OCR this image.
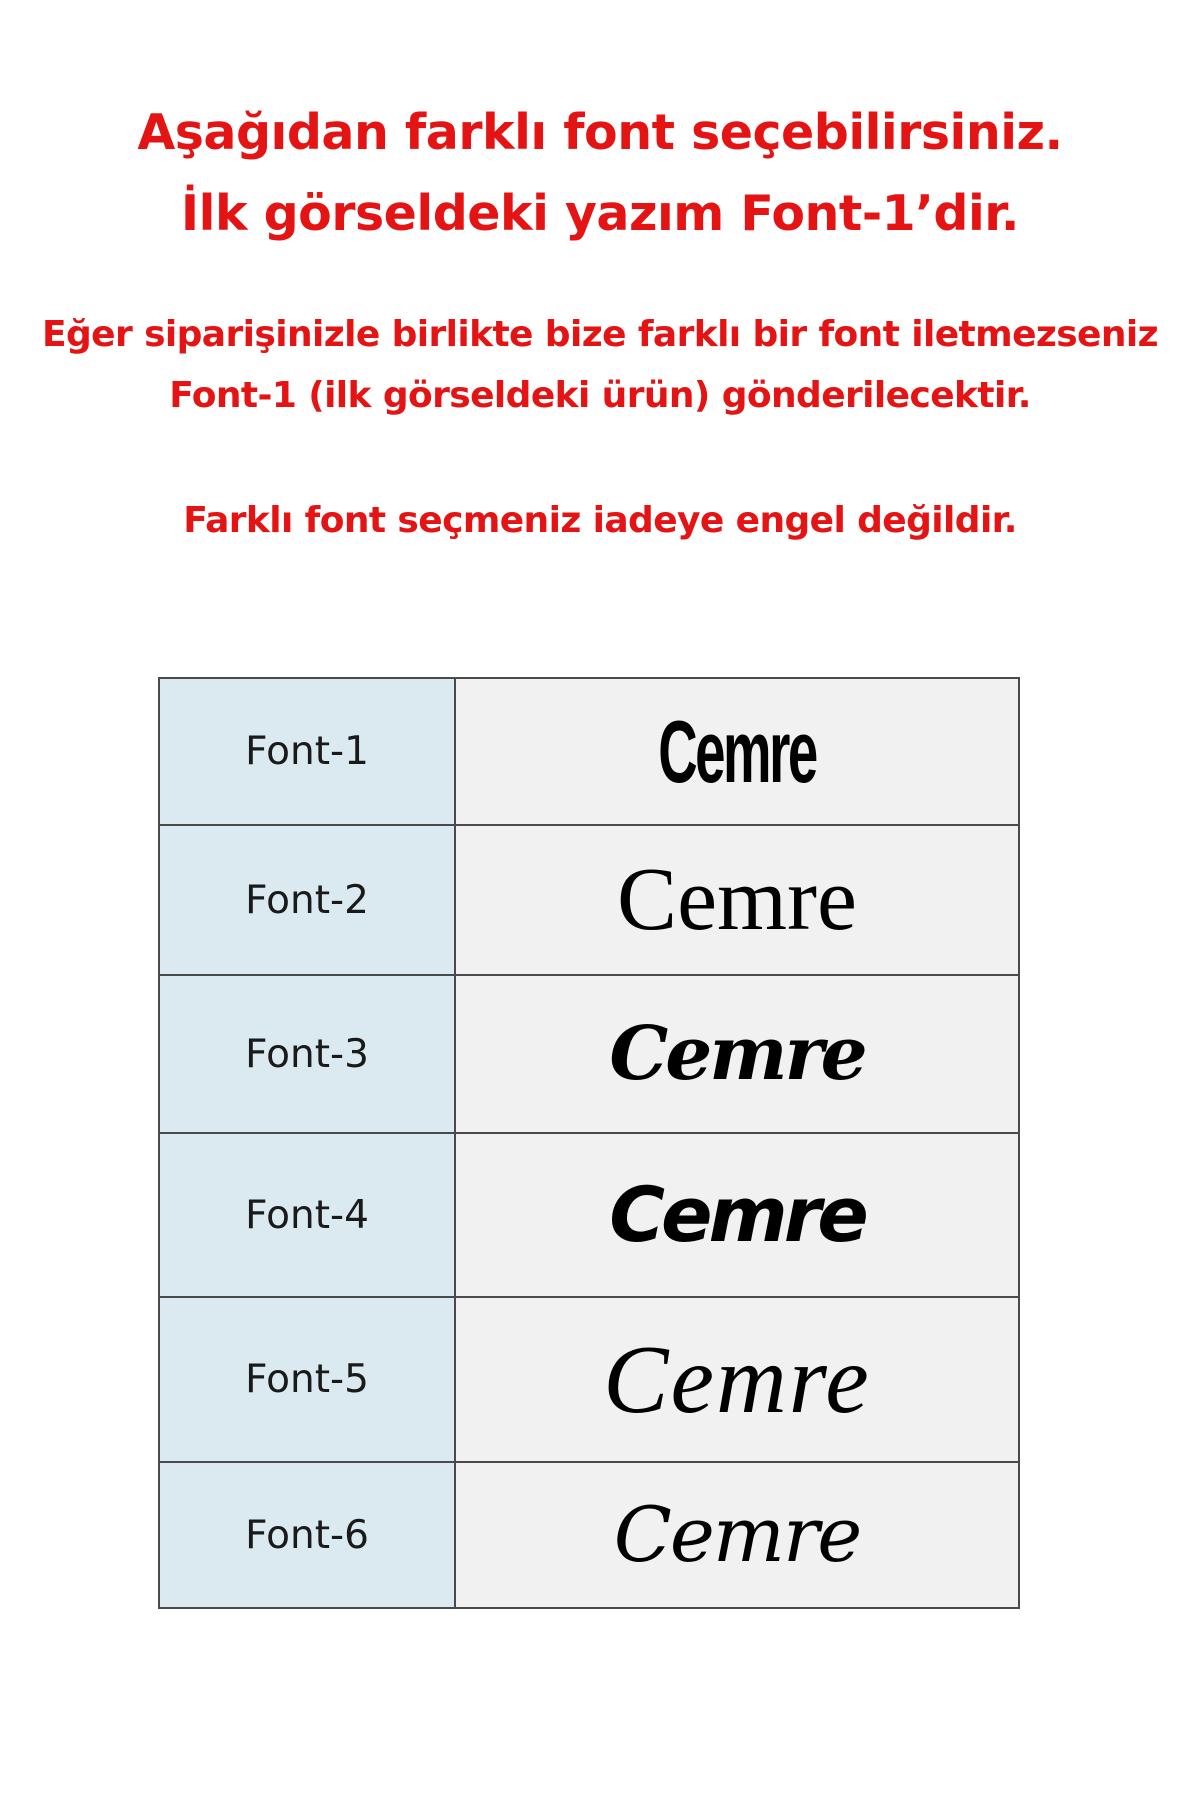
Aşağıdan farklı font seçebilirsiniz.
İlk görseldeki yazım Font-1’dir.
Eğer siparişinizle birlikte bize farklı bir font iletmezseniz
Font-1 (ilk görseldeki ürün) gönderilecektir.
Farklı font seçmeniz iadeye engel değildir.
Font-1	Cemre
Font-2	Cemre
Font-3	Cemre
Font-4	Cemre
Font-5	Cemre
Font-6	Cemre
